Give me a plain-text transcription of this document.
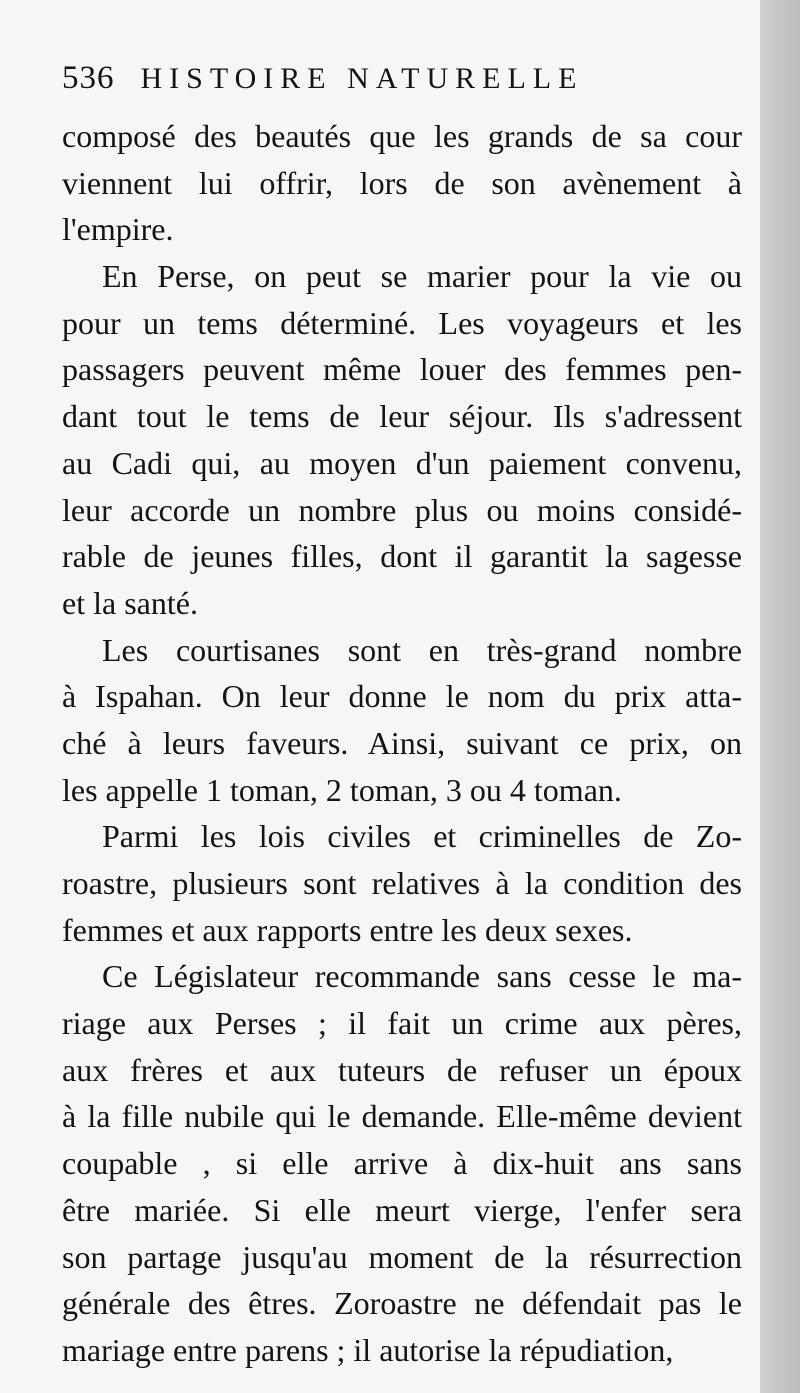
536 HISTOIRE NATURELLE
composé des beautés que les grands de sa cour
viennent lui offrir, lors de son avènement à
l'empire.
En Perse, on peut se marier pour la vie ou
pour un tems déterminé. Les voyageurs et les
passagers peuvent même louer des femmes pen-
dant tout le tems de leur séjour. Ils s'adressent
au Cadi qui, au moyen d'un paiement convenu,
leur accorde un nombre plus ou moins considé-
rable de jeunes filles, dont il garantit la sagesse
et la santé.
Les courtisanes sont en très-grand nombre
à Ispahan. On leur donne le nom du prix atta-
ché à leurs faveurs. Ainsi, suivant ce prix, on
les appelle 1 toman, 2 toman, 3 ou 4 toman.
Parmi les lois civiles et criminelles de Zo-
roastre, plusieurs sont relatives à la condition des
femmes et aux rapports entre les deux sexes.
Ce Législateur recommande sans cesse le ma-
riage aux Perses ; il fait un crime aux pères,
aux frères et aux tuteurs de refuser un époux
à la fille nubile qui le demande. Elle-même devient
coupable , si elle arrive à dix-huit ans sans
être mariée. Si elle meurt vierge, l'enfer sera
son partage jusqu'au moment de la résurrection
générale des êtres. Zoroastre ne défendait pas le
mariage entre parens ; il autorise la répudiation,
